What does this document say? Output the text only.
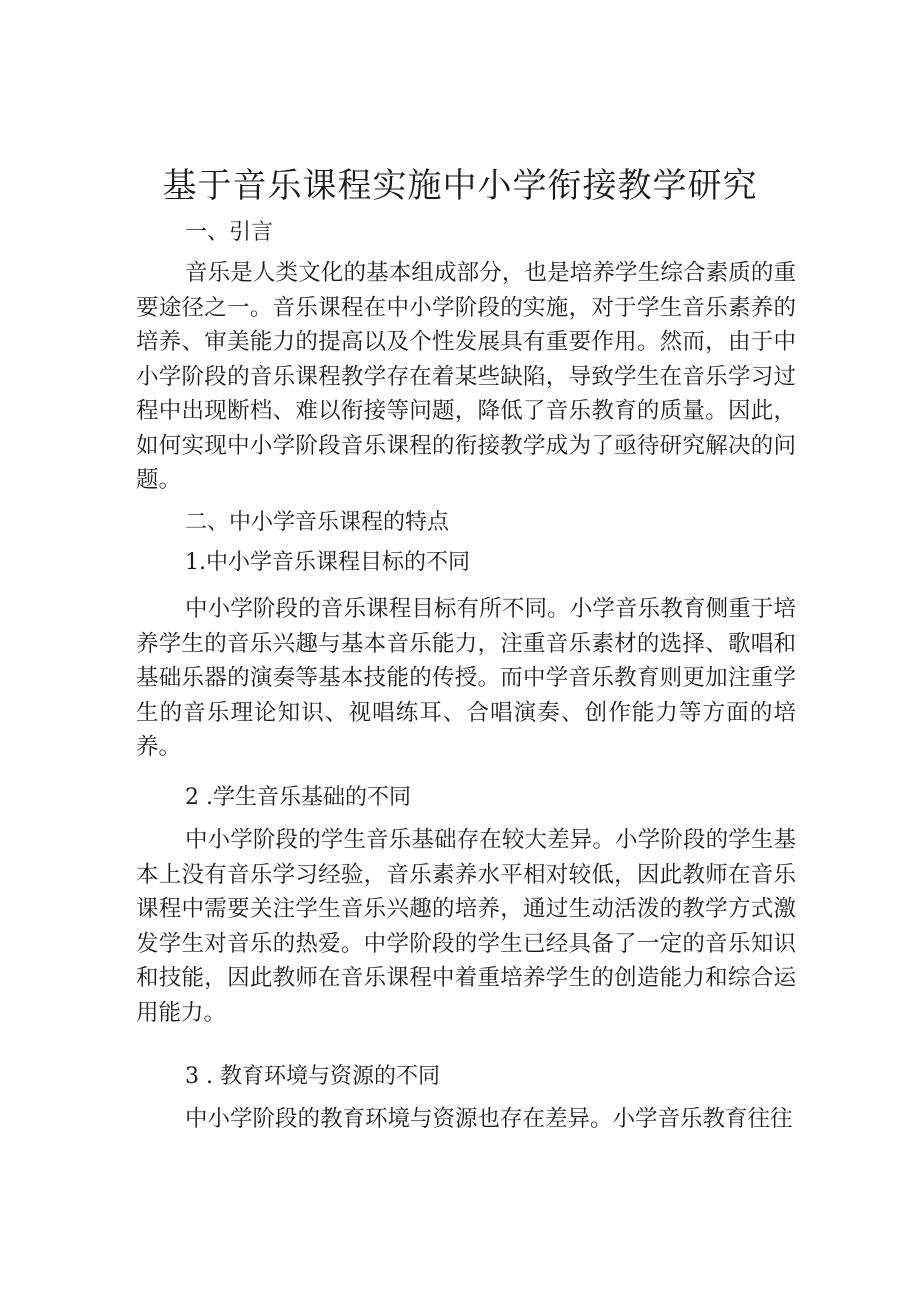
基于音乐课程实施中小学衔接教学研究

一、引言

音乐是人类文化的基本组成部分，也是培养学生综合素质的重要途径之一。音乐课程在中小学阶段的实施，对于学生音乐素养的培养、审美能力的提高以及个性发展具有重要作用。然而，由于中小学阶段的音乐课程教学存在着某些缺陷，导致学生在音乐学习过程中出现断档、难以衔接等问题，降低了音乐教育的质量。因此，如何实现中小学阶段音乐课程的衔接教学成为了亟待研究解决的问题。

二、中小学音乐课程的特点

1.中小学音乐课程目标的不同

中小学阶段的音乐课程目标有所不同。小学音乐教育侧重于培养学生的音乐兴趣与基本音乐能力，注重音乐素材的选择、歌唱和基础乐器的演奏等基本技能的传授。而中学音乐教育则更加注重学生的音乐理论知识、视唱练耳、合唱演奏、创作能力等方面的培养。

2 .学生音乐基础的不同

中小学阶段的学生音乐基础存在较大差异。小学阶段的学生基本上没有音乐学习经验，音乐素养水平相对较低，因此教师在音乐课程中需要关注学生音乐兴趣的培养，通过生动活泼的教学方式激发学生对音乐的热爱。中学阶段的学生已经具备了一定的音乐知识和技能，因此教师在音乐课程中着重培养学生的创造能力和综合运用能力。

3 . 教育环境与资源的不同

中小学阶段的教育环境与资源也存在差异。小学音乐教育往往
